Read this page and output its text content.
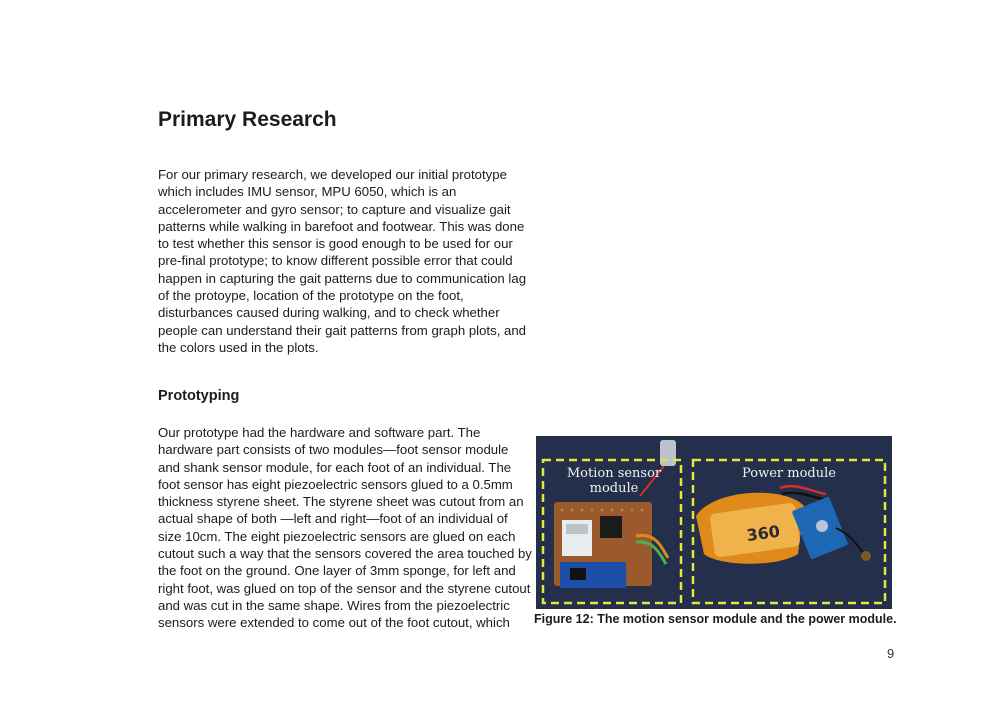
Primary Research
For our primary research, we developed our initial prototype which includes IMU sensor, MPU 6050, which is an accelerometer and gyro sensor; to capture and visualize gait patterns while walking in barefoot and footwear. This was done to test whether this sensor is good enough to be used for our pre-final prototype; to know different possible error that could happen in capturing the gait patterns due to communication lag of the protoype, location of the prototype on the foot, disturbances caused during walking, and to check whether people can understand their gait patterns from graph plots, and the colors used in the plots.
Prototyping
Our prototype had the hardware and software part. The hardware part consists of two modules—foot sensor module and shank sensor module, for each foot of an individual. The foot sensor has eight piezoelectric sensors glued to a 0.5mm thickness styrene sheet. The styrene sheet was cutout from an actual shape of both —left and right—foot of an individual of size 10cm. The eight piezoelectric sensors are glued on each cutout such a way that the sensors covered the area touched by the foot on the ground. One layer of 3mm sponge, for left and right foot, was glued on top of the sensor and the styrene cutout and was cut in the same shape. Wires from the piezoelectric sensors were extended to come out of the foot cutout, which
360
Motion sensor
module
Power module
Figure 12: The motion sensor module and the power module.
9
